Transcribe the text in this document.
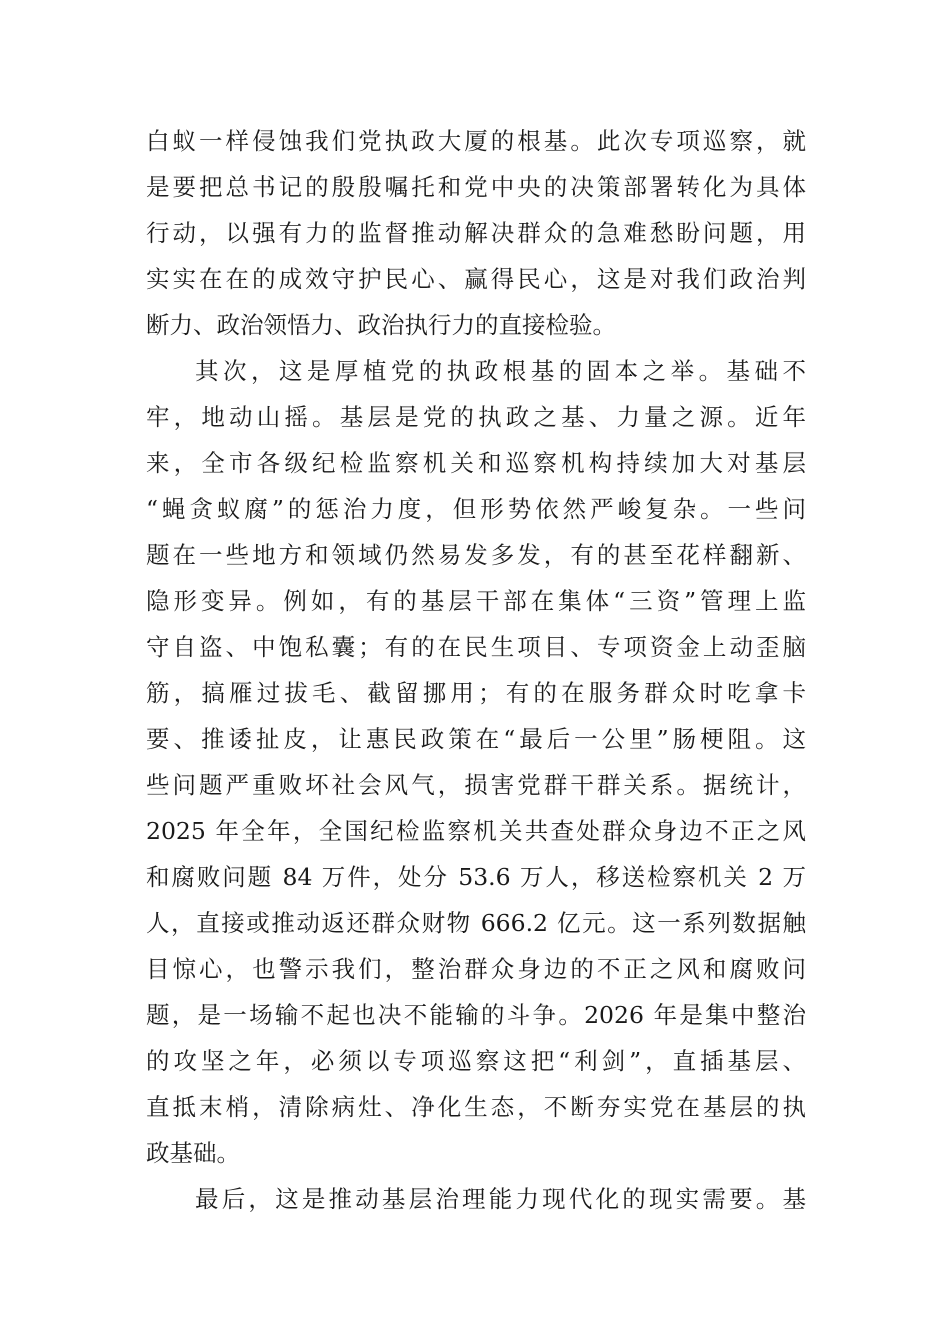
白蚁一样侵蚀我们党执政大厦的根基。此次专项巡察，就
是要把总书记的殷殷嘱托和党中央的决策部署转化为具体
行动，以强有力的监督推动解决群众的急难愁盼问题，用
实实在在的成效守护民心、赢得民心，这是对我们政治判
断力、政治领悟力、政治执行力的直接检验。
其次，这是厚植党的执政根基的固本之举。基础不
牢，地动山摇。基层是党的执政之基、力量之源。近年
来，全市各级纪检监察机关和巡察机构持续加大对基层
“蝇贪蚁腐”的惩治力度，但形势依然严峻复杂。一些问
题在一些地方和领域仍然易发多发，有的甚至花样翻新、
隐形变异。例如，有的基层干部在集体“三资”管理上监
守自盗、中饱私囊；有的在民生项目、专项资金上动歪脑
筋，搞雁过拔毛、截留挪用；有的在服务群众时吃拿卡
要、推诿扯皮，让惠民政策在“最后一公里”肠梗阻。这
些问题严重败坏社会风气，损害党群干群关系。据统计，
2025 年全年，全国纪检监察机关共查处群众身边不正之风
和腐败问题 84 万件，处分 53.6 万人，移送检察机关 2 万
人，直接或推动返还群众财物 666.2 亿元。这一系列数据触
目惊心，也警示我们，整治群众身边的不正之风和腐败问
题，是一场输不起也决不能输的斗争。2026 年是集中整治
的攻坚之年，必须以专项巡察这把“利剑”，直插基层、
直抵末梢，清除病灶、净化生态，不断夯实党在基层的执
政基础。
最后，这是推动基层治理能力现代化的现实需要。基
